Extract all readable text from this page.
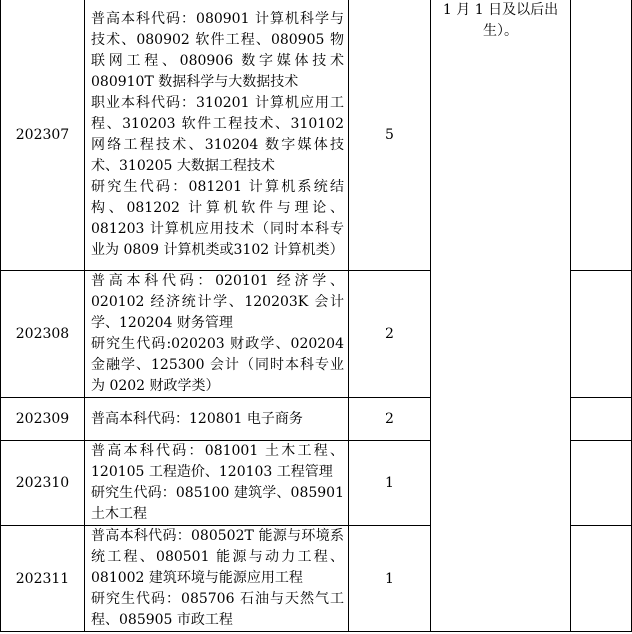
202307	普高本科代码：080901 计算机科学与技术、080902 软件工程、080905 物联网工程、080906 数字媒体技术 080910T 数据科学与大数据技术
职业本科代码：310201 计算机应用工程、310203 软件工程技术、310102 网络工程技术、310204 数字媒体技术、310205 大数据工程技术
研究生代码：081201 计算机系统结构、081202 计算机软件与理论、081203 计算机应用技术（同时本科专业为 0809 计算机类或3102 计算机类）	5	1 月 1 日及以后出生）。	
202308	普高本科代码：020101 经济学、020102 经济统计学、120203K 会计学、120204 财务管理
研究生代码:020203 财政学、020204 金融学、125300 会计（同时本科专业为 0202 财政学类）	2		
202309	普高本科代码：120801 电子商务	2		
202310	普高本科代码：081001 土木工程、120105 工程造价、120103 工程管理
研究生代码：085100 建筑学、085901 土木工程	1		
202311	普高本科代码：080502T 能源与环境系统工程、080501 能源与动力工程、081002 建筑环境与能源应用工程
研究生代码：085706 石油与天然气工程、085905 市政工程	1		
